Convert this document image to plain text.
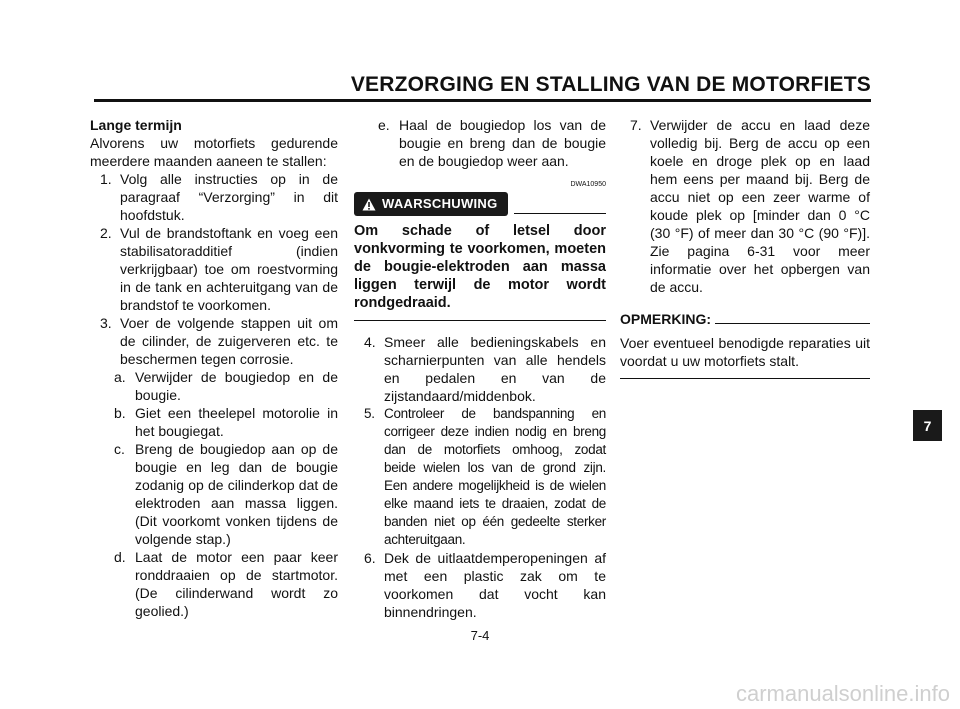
VERZORGING EN STALLING VAN DE MOTORFIETS

Lange termijn

Alvorens uw motorfiets gedurende meerdere maanden aaneen te stallen:

1. Volg alle instructies op in de paragraaf “Verzorging” in dit hoofdstuk.
2. Vul de brandstoftank en voeg een stabilisatoradditief (indien verkrijgbaar) toe om roestvorming in de tank en achteruitgang van de brandstof te voorkomen.
3. Voer de volgende stappen uit om de cilinder, de zuigerveren etc. te beschermen tegen corrosie.
a. Verwijder de bougiedop en de bougie.
b. Giet een theelepel motorolie in het bougiegat.
c. Breng de bougiedop aan op de bougie en leg dan de bougie zodanig op de cilinderkop dat de elektroden aan massa liggen. (Dit voorkomt vonken tijdens de volgende stap.)
d. Laat de motor een paar keer ronddraaien op de startmotor. (De cilinderwand wordt zo geolied.)
e. Haal de bougiedop los van de bougie en breng dan de bougie en de bougiedop weer aan.
DWA10950
WAARSCHUWING

Om schade of letsel door vonkvorming te voorkomen, moeten de bougie-elektroden aan massa liggen terwijl de motor wordt rondgedraaid.

4. Smeer alle bedieningskabels en scharnierpunten van alle hendels en pedalen en van de zijstandaard/middenbok.
5. Controleer de bandspanning en corrigeer deze indien nodig en breng dan de motorfiets omhoog, zodat beide wielen los van de grond zijn. Een andere mogelijkheid is de wielen elke maand iets te draaien, zodat de banden niet op één gedeelte sterker achteruitgaan.
6. Dek de uitlaatdemperopeningen af met een plastic zak om te voorkomen dat vocht kan binnendringen.
7. Verwijder de accu en laad deze volledig bij. Berg de accu op een koele en droge plek op en laad hem eens per maand bij. Berg de accu niet op een zeer warme of koude plek op [minder dan 0 °C (30 °F) of meer dan 30 °C (90 °F)]. Zie pagina 6-31 voor meer informatie over het opbergen van de accu.
OPMERKING:

Voer eventueel benodigde reparaties uit voordat u uw motorfiets stalt.

7
7-4
carmanualsonline.info
